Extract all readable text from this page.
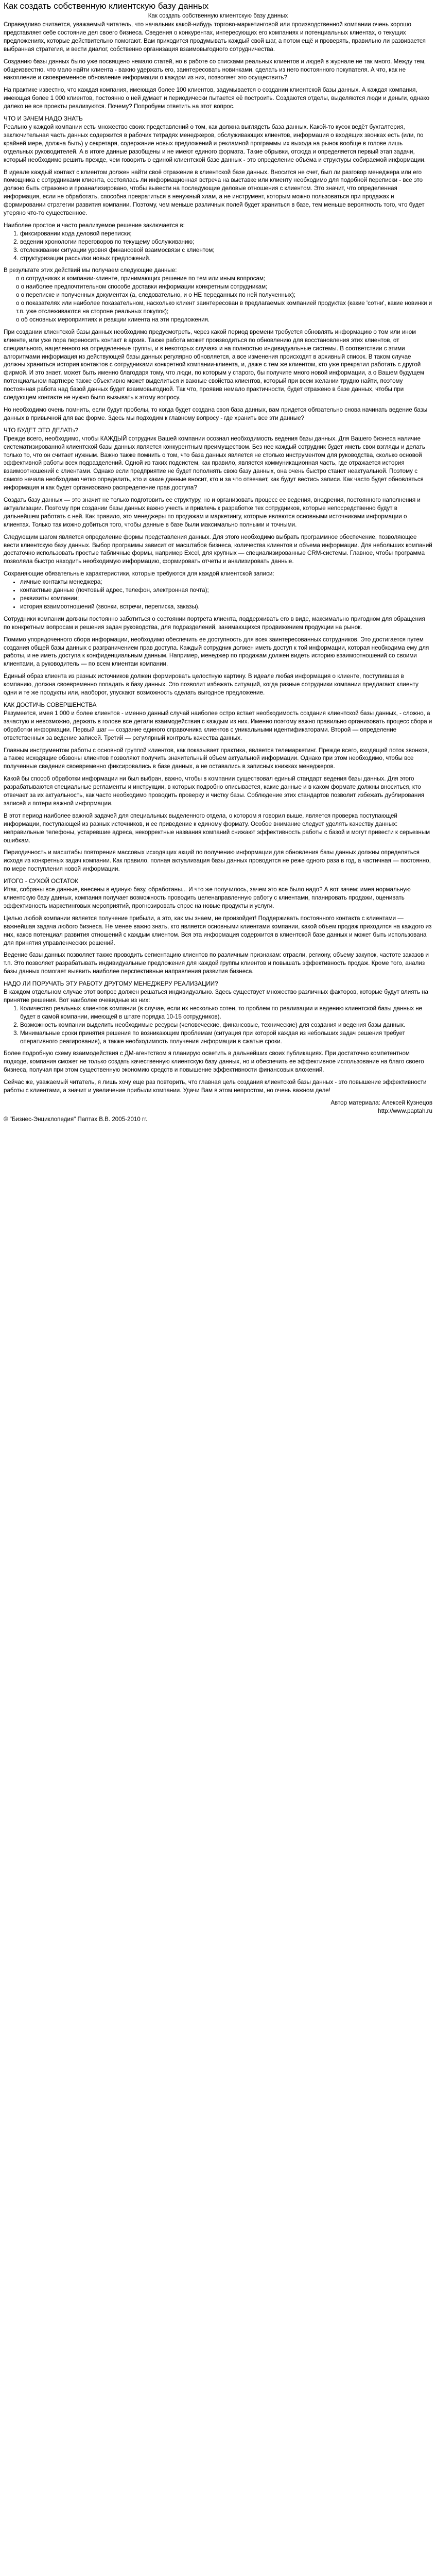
Как создать собственную клиентскую базу данных
Как создать собственную клиентскую базу данных

Справедливо считается, уважаемый читатель, что начальник какой-нибудь торгово-маркетинговой или производственной компании очень хорошо представляет себе состояние дел своего бизнеса. Сведения о конкурентах, интересующих его компаниях и потенциальных клиентах, о текущих предложениях, которые действительно помогают. Вам приходится продумывать каждый свой шаг, а потом ещё и проверять, правильно ли развивается выбранная стратегия, и вести диалог, собственно организация взаимовыгодного сотрудничества.

Созданию базы данных было уже посвящено немало статей, но в работе со списками реальных клиентов и людей в журнале не так много. Между тем, общеизвестно, что мало найти клиента - важно удержать его, заинтересовать новинками, сделать из него постоянного покупателя. А что, как не накопление и своевременное обновление информации о каждом из них, позволяет это осуществить?

На практике известно, что каждая компания, имеющая более 100 клиентов, задумывается о создании клиентской базы данных. А каждая компания, имеющая более 1 000 клиентов, постоянно о ней думает и периодически пытается её построить. Создаются отделы, выделяются люди и деньги, однако далеко не все проекты реализуются. Почему? Попробуем ответить на этот вопрос.

ЧТО И ЗАЧЕМ НАДО ЗНАТЬ

Реально у каждой компании есть множество своих представлений о том, как должна выглядеть база данных. Какой-то кусок ведёт бухгалтерия, заключительная часть данных содержится в рабочих тетрадях менеджеров, обслуживающих клиентов, информация о входящих звонках есть (или, по крайней мере, должна быть) у секретаря, содержание новых предложений и рекламной программы их выхода на рынок вообще в голове лишь отдельных руководителей. А в итоге данные разобщены и не имеют единого формата. Такие обрывки, отсюда и определяется первый этап задачи, который необходимо решить прежде, чем говорить о единой клиентской базе данных - это определение объёма и структуры собираемой информации.

В идеале каждый контакт с клиентом должен найти своё отражение в клиентской базе данных. Вносится не счет, был ли разговор менеджера или его помощника с сотрудниками клиента, состоялась ли информационная встреча на выставке или клиенту необходимо для подобной переписки - все это должно быть отражено и проанализировано, чтобы вывести на последующие деловые отношения с клиентом. Это значит, что определенная информация, если не обработать, способна превратиться в ненужный хлам, а не инструмент, которым можно пользоваться при продажах и формировании стратегии развития компании. Поэтому, чем меньше различных полей будет храниться в базе, тем меньше вероятность того, что будет утеряно что-то существенное.

Наиболее простое и часто реализуемое решение заключается в:

1. фиксировании кода деловой переписки;
2. ведении хронологии переговоров по текущему обслуживанию;
3. отслеживании ситуации уровня финансовой взаимосвязи с клиентом;
4. структуризации рассылки новых предложений.

В результате этих действий мы получаем следующие данные:

o о сотрудниках и компании-клиенте, принимающих решение по тем или иным вопросам;
o о наиболее предпочтительном способе доставки информации конкретным сотрудникам;
o о переписке и полученных документах (а, следовательно, и о НЕ переданных по ней полученных);
o о показателях или наиболее показательном, насколько клиент заинтересован в предлагаемых компанией продуктах (какие 'сотни', какие новинки и т.п. уже отслеживаются на стороне реальных покупок);
o об основных мероприятиях и реакции клиента на эти предложения.

При создании клиентской базы данных необходимо предусмотреть, через какой период времени требуется обновлять информацию о том или ином клиенте, или уже пора переносить контакт в архив. Также работа может производиться по обновлению для восстановления этих клиентов, от специального, нацеленного на определенные группы, и в некоторых случаях и на полностью индивидуальные системы. В соответствии с этими алгоритмами информация из действующей базы данных регулярно обновляется, а все изменения происходят в архивный список. В таком случае должны храниться история контактов с сотрудниками конкретной компании-клиента, и, даже с тем же клиентом, кто уже прекратил работать с другой фирмой. И это знает, может быть именно благодаря тому, что люди, по которым у старого, бы получите много новой информации, а о Вашем будущем потенциальном партнере также объективно может выделиться и важные свойства клиентов, который при всем желании трудно найти, поэтому постоянная работа над базой данных будет взаимовыгодной. Так что, проявив немало практичности, будет отражено в базе данных, чтобы при следующем контакте не нужно было вызывать к этому вопросу.

Но необходимо очень помнить, если будут пробелы, то когда будет создана своя база данных, вам придется обязательно снова начинать ведение базы данных в привычной для вас форме. Здесь мы подходим к главному вопросу - где хранить все эти данные?

ЧТО БУДЕТ ЭТО ДЕЛАТЬ?

Прежде всего, необходимо, чтобы КАЖДЫЙ сотрудник Вашей компании осознал необходимость ведения базы данных. Для Вашего бизнеса наличие систематизированной клиентской базы данных является конкурентным преимуществом. Без нее каждый сотрудник будет иметь свои взгляды и делать только то, что он считает нужным. Важно также помнить о том, что база данных является не столько инструментом для руководства, сколько основой эффективной работы всех подразделений. Одной из таких подсистем, как правило, является коммуникационная часть, где отражается история взаимоотношений с клиентами. Однако если предприятие не будет пополнять свою базу данных, она очень быстро станет неактуальной. Поэтому с самого начала необходимо четко определить, кто и какие данные вносит, кто и за что отвечает, как будут вестись записи. Как часто будет обновляться информация и как будет организовано распределение прав доступа?

Создать базу данных — это значит не только подготовить ее структуру, но и организовать процесс ее ведения, внедрения, постоянного наполнения и актуализации. Поэтому при создании базы данных важно учесть и привлечь к разработке тех сотрудников, которые непосредственно будут в дальнейшем работать с ней. Как правило, это менеджеры по продажам и маркетингу, которые являются основными источниками информации о клиентах. Только так можно добиться того, чтобы данные в базе были максимально полными и точными.

Следующим шагом является определение формы представления данных. Для этого необходимо выбрать программное обеспечение, позволяющее вести клиентскую базу данных. Выбор программы зависит от масштабов бизнеса, количества клиентов и объема информации. Для небольших компаний достаточно использовать простые табличные формы, например Excel, для крупных — специализированные CRM-системы. Главное, чтобы программа позволяла быстро находить необходимую информацию, формировать отчеты и анализировать данные.

Сохраняющие обязательные характеристики, которые требуются для каждой клиентской записи:

• личные контакты менеджера;
• контактные данные (почтовый адрес, телефон, электронная почта);
• реквизиты компании;
• история взаимоотношений (звонки, встречи, переписка, заказы).

Сотрудники компании должны постоянно заботиться о состоянии портрета клиента, поддерживать его в виде, максимально пригодном для обращения по конкретным вопросам и решения задач руководства, для подразделений, занимающихся продвижением продукции на рынок.

Помимо упорядоченного сбора информации, необходимо обеспечить ее доступность для всех заинтересованных сотрудников. Это достигается путем создания общей базы данных с разграничением прав доступа. Каждый сотрудник должен иметь доступ к той информации, которая необходима ему для работы, и не иметь доступа к конфиденциальным данным. Например, менеджер по продажам должен видеть историю взаимоотношений со своими клиентами, а руководитель — по всем клиентам компании.

Единый образ клиента из разных источников должен формировать целостную картину. В идеале любая информация о клиенте, поступившая в компанию, должна своевременно попадать в базу данных. Это позволит избежать ситуаций, когда разные сотрудники компании предлагают клиенту одни и те же продукты или, наоборот, упускают возможность сделать выгодное предложение.

КАК ДОСТИЧЬ СОВЕРШЕНСТВА

Разумеется, имея 1 000 и более клиентов - именно данный случай наиболее остро встает необходимость создания клиентской базы данных, - сложно, а зачастую и невозможно, держать в голове все детали взаимодействия с каждым из них. Именно поэтому важно правильно организовать процесс сбора и обработки информации. Первый шаг — создание единого справочника клиентов с уникальными идентификаторами. Второй — определение ответственных за ведение записей. Третий — регулярный контроль качества данных.

Главным инструментом работы с основной группой клиентов, как показывает практика, является телемаркетинг. Прежде всего, входящий поток звонков, а также исходящие обзвоны клиентов позволяют получить значительный объем актуальной информации. Однако при этом необходимо, чтобы все полученные сведения своевременно фиксировались в базе данных, а не оставались в записных книжках менеджеров.

Какой бы способ обработки информации ни был выбран, важно, чтобы в компании существовал единый стандарт ведения базы данных. Для этого разрабатываются специальные регламенты и инструкции, в которых подробно описывается, какие данные и в каком формате должны вноситься, кто отвечает за их актуальность, как часто необходимо проводить проверку и чистку базы. Соблюдение этих стандартов позволит избежать дублирования записей и потери важной информации.

В этот период наиболее важной задачей для специальных выделенного отдела, о котором я говорил выше, является проверка поступающей информации, поступающей из разных источников, и ее приведение к единому формату. Особое внимание следует уделять качеству данных: неправильные телефоны, устаревшие адреса, некорректные названия компаний снижают эффективность работы с базой и могут привести к серьезным ошибкам.

Периодичность и масштабы повторения массовых исходящих акций по получению информации для обновления базы данных должны определяться исходя из конкретных задач компании. Как правило, полная актуализация базы данных проводится не реже одного раза в год, а частичная — постоянно, по мере поступления новой информации.

ИТОГО - СУХОЙ ОСТАТОК

Итак, собраны все данные, внесены в единую базу, обработаны... И что же получилось, зачем это все было надо? А вот зачем: имея нормальную клиентскую базу данных, компания получает возможность проводить целенаправленную работу с клиентами, планировать продажи, оценивать эффективность маркетинговых мероприятий, прогнозировать спрос на новые продукты и услуги.

Целью любой компании является получение прибыли, а это, как мы знаем, не произойдет! Поддерживать постоянного контакта с клиентами — важнейшая задача любого бизнеса. Не менее важно знать, кто является основными клиентами компании, какой объем продаж приходится на каждого из них, каков потенциал развития отношений с каждым клиентом. Вся эта информация содержится в клиентской базе данных и может быть использована для принятия управленческих решений.

Ведение базы данных позволяет также проводить сегментацию клиентов по различным признакам: отрасли, региону, объему закупок, частоте заказов и т.п. Это позволяет разрабатывать индивидуальные предложения для каждой группы клиентов и повышать эффективность продаж. Кроме того, анализ базы данных помогает выявить наиболее перспективные направления развития бизнеса.

НАДО ЛИ ПОРУЧАТЬ ЭТУ РАБОТУ ДРУГОМУ МЕНЕДЖЕРУ РЕАЛИЗАЦИИ?

В каждом отдельном случае этот вопрос должен решаться индивидуально. Здесь существует множество различных факторов, которые будут влиять на принятие решения. Вот наиболее очевидные из них:

1. Количество реальных клиентов компании (в случае, если их несколько сотен, то проблем по реализации и ведению клиентской базы данных не будет в самой компании, имеющей в штате порядка 10-15 сотрудников).
2. Возможность компании выделить необходимые ресурсы (человеческие, финансовые, технические) для создания и ведения базы данных.
3. Минимальные сроки принятия решения по возникающим проблемам (ситуация при которой каждая из небольших задач решения требует оперативного реагирования), а также необходимость получения информации в сжатые сроки.

Более подробную схему взаимодействия с ДМ-агентством я планирую осветить в дальнейших своих публикациях. При достаточно компетентном подходе, компания сможет не только создать качественную клиентскую базу данных, но и обеспечить ее эффективное использование на благо своего бизнеса, получая при этом существенную экономию средств и повышение эффективности финансовых вложений.

Сейчас же, уважаемый читатель, я лишь хочу еще раз повторить, что главная цель создания клиентской базы данных - это повышение эффективности работы с клиентами, а значит и увеличение прибыли компании. Удачи Вам в этом непростом, но очень важном деле!

Автор материала: Алексей Кузнецов

http://www.paptah.ru

© "Бизнес-Энциклопедия" Паптах В.В. 2005-2010 гг.
